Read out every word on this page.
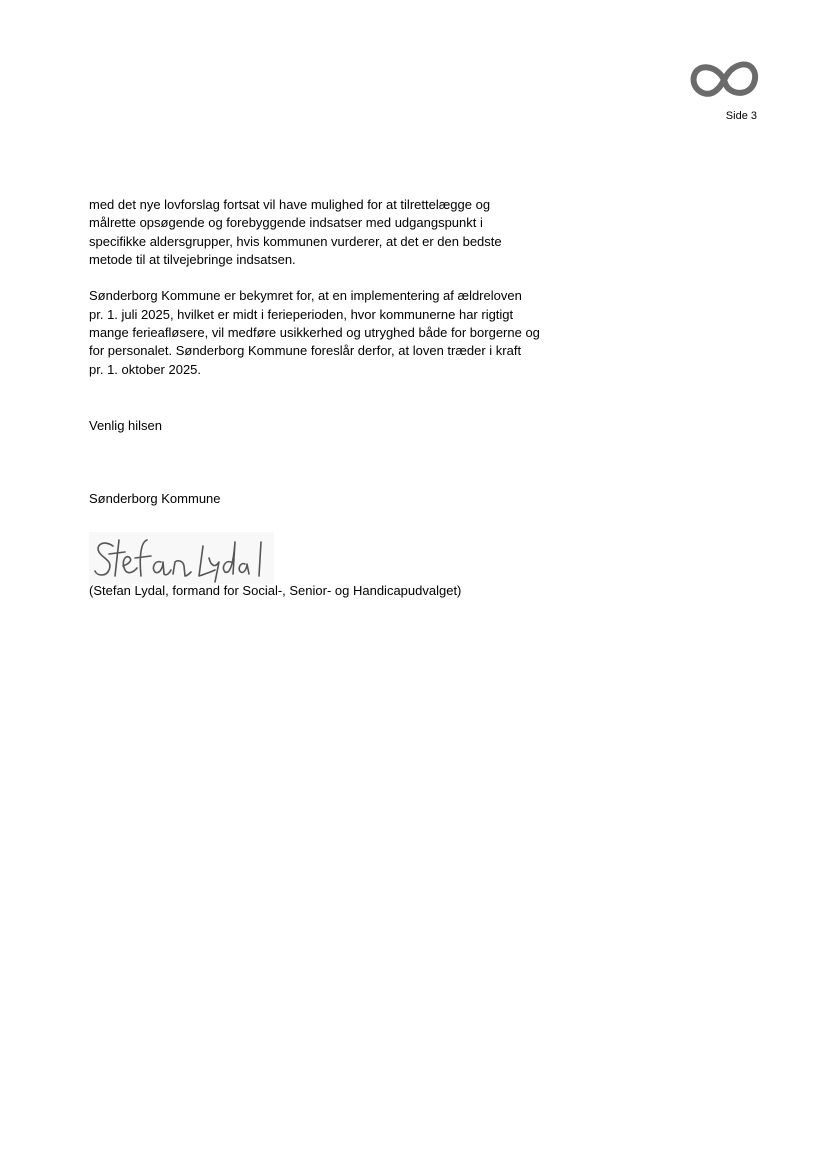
Side 3

med det nye lovforslag fortsat vil have mulighed for at tilrettelægge og
målrette opsøgende og forebyggende indsatser med udgangspunkt i
specifikke aldersgrupper, hvis kommunen vurderer, at det er den bedste
metode til at tilvejebringe indsatsen.

Sønderborg Kommune er bekymret for, at en implementering af ældreloven
pr. 1. juli 2025, hvilket er midt i ferieperioden, hvor kommunerne har rigtigt
mange ferieafløsere, vil medføre usikkerhed og utryghed både for borgerne og
for personalet. Sønderborg Kommune foreslår derfor, at loven træder i kraft
pr. 1. oktober 2025.

Venlig hilsen
Sønderborg Kommune
(Stefan Lydal, formand for Social-, Senior- og Handicapudvalget)
